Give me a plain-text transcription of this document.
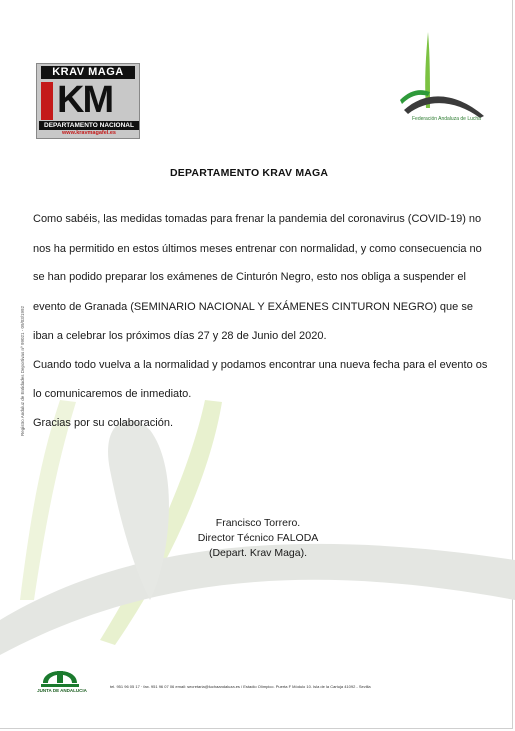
KRAV MAGA
KM
DEPARTAMENTO NACIONAL
www.kravmagafel.es
Federación Andaluza de Lucha
Registro Andaluz de Entidades Deportivas nº 99021 - 09/03/1992
DEPARTAMENTO KRAV MAGA
Como sabéis, las medidas tomadas para frenar la pandemia del coronavirus (COVID-19) no
nos ha permitido en estos últimos meses entrenar con normalidad, y como consecuencia no
se han podido preparar los exámenes de Cinturón Negro, esto nos obliga a suspender el
evento de Granada (SEMINARIO NACIONAL Y EXÁMENES CINTURON NEGRO) que se
iban a celebrar los próximos días 27 y 28 de Junio del 2020.
Cuando todo vuelva a la normalidad y podamos encontrar una nueva fecha para el evento os
lo comunicaremos de inmediato.
Gracias por su colaboración.
Francisco Torrero.
Director Técnico FALODA
(Depart. Krav Maga).
JUNTA DE ANDALUCIA
tel. 951 96 05 17 · fax. 951 96 07 06 email: secretaria@luchaandaluza.es / Estadio Olímpico. Puerta F Módulo 10. Isla de la Cartuja 41092 - Sevilla
